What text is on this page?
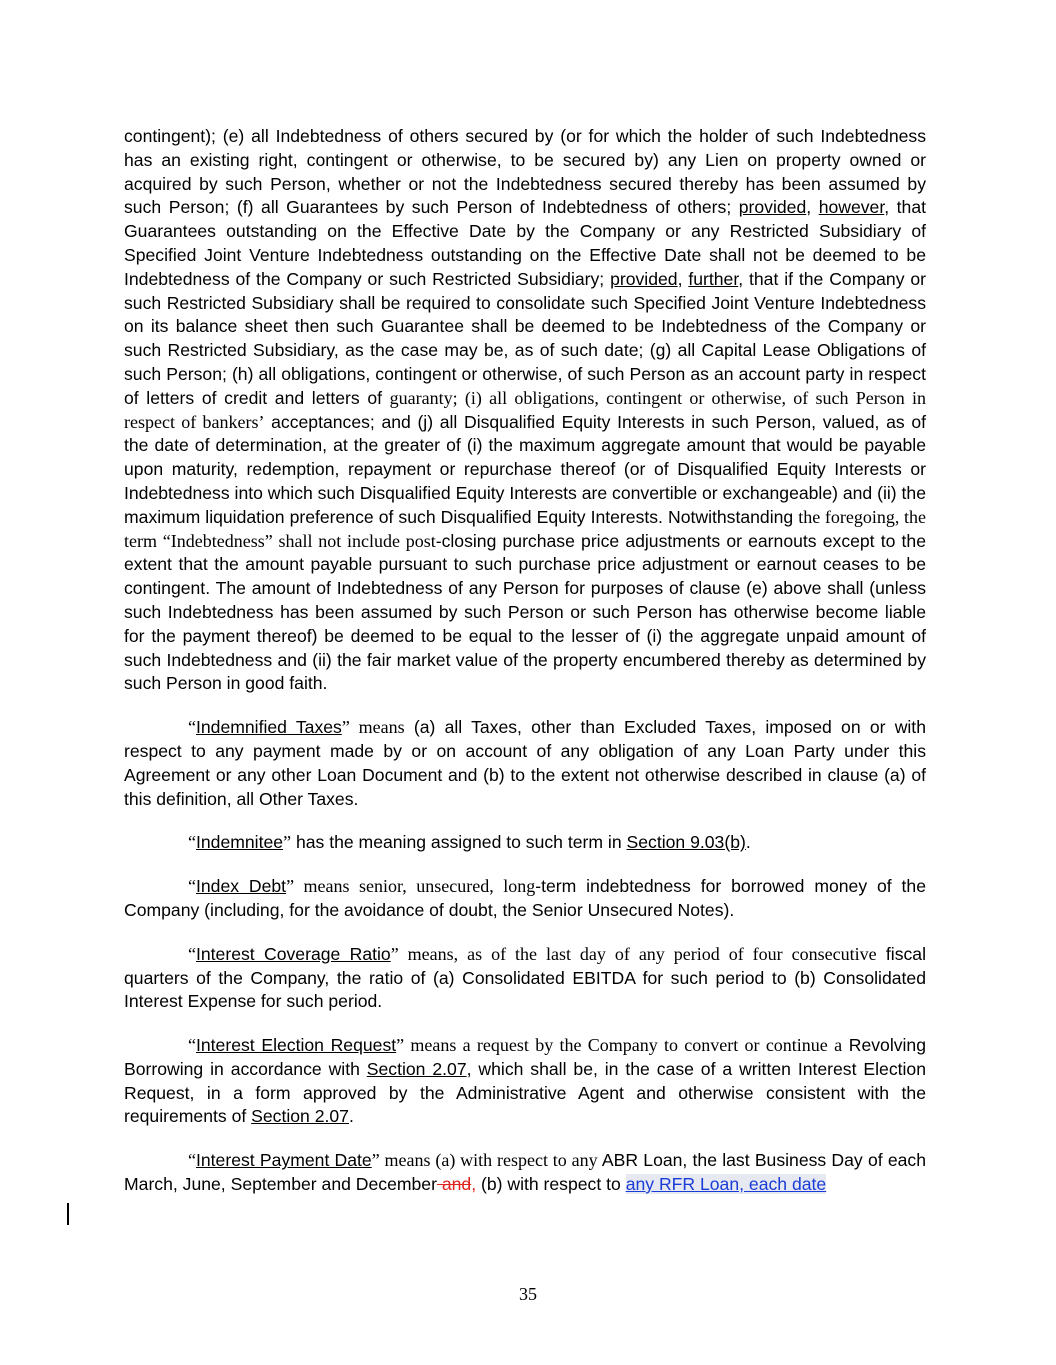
contingent); (e) all Indebtedness of others secured by (or for which the holder of such Indebtedness has an existing right, contingent or otherwise, to be secured by) any Lien on property owned or acquired by such Person, whether or not the Indebtedness secured thereby has been assumed by such Person; (f) all Guarantees by such Person of Indebtedness of others; provided, however, that Guarantees outstanding on the Effective Date by the Company or any Restricted Subsidiary of Specified Joint Venture Indebtedness outstanding on the Effective Date shall not be deemed to be Indebtedness of the Company or such Restricted Subsidiary; provided, further, that if the Company or such Restricted Subsidiary shall be required to consolidate such Specified Joint Venture Indebtedness on its balance sheet then such Guarantee shall be deemed to be Indebtedness of the Company or such Restricted Subsidiary, as the case may be, as of such date; (g) all Capital Lease Obligations of such Person; (h) all obligations, contingent or otherwise, of such Person as an account party in respect of letters of credit and letters of guaranty; (i) all obligations, contingent or otherwise, of such Person in respect of bankers’ acceptances; and (j) all Disqualified Equity Interests in such Person, valued, as of the date of determination, at the greater of (i) the maximum aggregate amount that would be payable upon maturity, redemption, repayment or repurchase thereof (or of Disqualified Equity Interests or Indebtedness into which such Disqualified Equity Interests are convertible or exchangeable) and (ii) the maximum liquidation preference of such Disqualified Equity Interests. Notwithstanding the foregoing, the term “Indebtedness” shall not include post-closing purchase price adjustments or earnouts except to the extent that the amount payable pursuant to such purchase price adjustment or earnout ceases to be contingent. The amount of Indebtedness of any Person for purposes of clause (e) above shall (unless such Indebtedness has been assumed by such Person or such Person has otherwise become liable for the payment thereof) be deemed to be equal to the lesser of (i) the aggregate unpaid amount of such Indebtedness and (ii) the fair market value of the property encumbered thereby as determined by such Person in good faith.

“Indemnified Taxes” means (a) all Taxes, other than Excluded Taxes, imposed on or with respect to any payment made by or on account of any obligation of any Loan Party under this Agreement or any other Loan Document and (b) to the extent not otherwise described in clause (a) of this definition, all Other Taxes.

“Indemnitee” has the meaning assigned to such term in Section 9.03(b).

“Index Debt” means senior, unsecured, long-term indebtedness for borrowed money of the Company (including, for the avoidance of doubt, the Senior Unsecured Notes).

“Interest Coverage Ratio” means, as of the last day of any period of four consecutive fiscal quarters of the Company, the ratio of (a) Consolidated EBITDA for such period to (b) Consolidated Interest Expense for such period.

“Interest Election Request” means a request by the Company to convert or continue a Revolving Borrowing in accordance with Section 2.07, which shall be, in the case of a written Interest Election Request, in a form approved by the Administrative Agent and otherwise consistent with the requirements of Section 2.07.

“Interest Payment Date” means (a) with respect to any ABR Loan, the last Business Day of each March, June, September and December and, (b) with respect to any RFR Loan, each date

35
